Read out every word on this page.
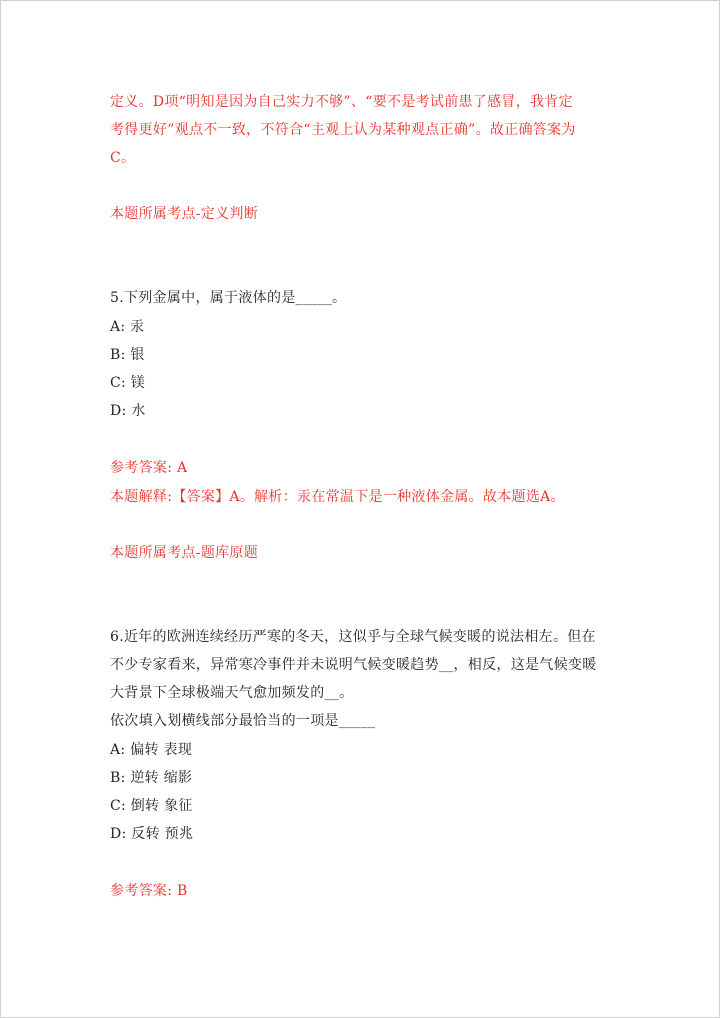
定义。D项“明知是因为自己实力不够”、“要不是考试前患了感冒，我肯定
考得更好”观点不一致，不符合“主观上认为某种观点正确”。故正确答案为
C。
本题所属考点-定义判断
5.下列金属中，属于液体的是_____。
A: 汞
B: 银
C: 镁
D: 水
参考答案: A
本题解释:【答案】A。解析：汞在常温下是一种液体金属。故本题选A。
本题所属考点-题库原题
6.近年的欧洲连续经历严寒的冬天，这似乎与全球气候变暖的说法相左。但在
不少专家看来，异常寒冷事件并未说明气候变暖趋势__，相反，这是气候变暖
大背景下全球极端天气愈加频发的__。
依次填入划横线部分最恰当的一项是_____
A: 偏转 表现
B: 逆转 缩影
C: 倒转 象征
D: 反转 预兆
参考答案: B
